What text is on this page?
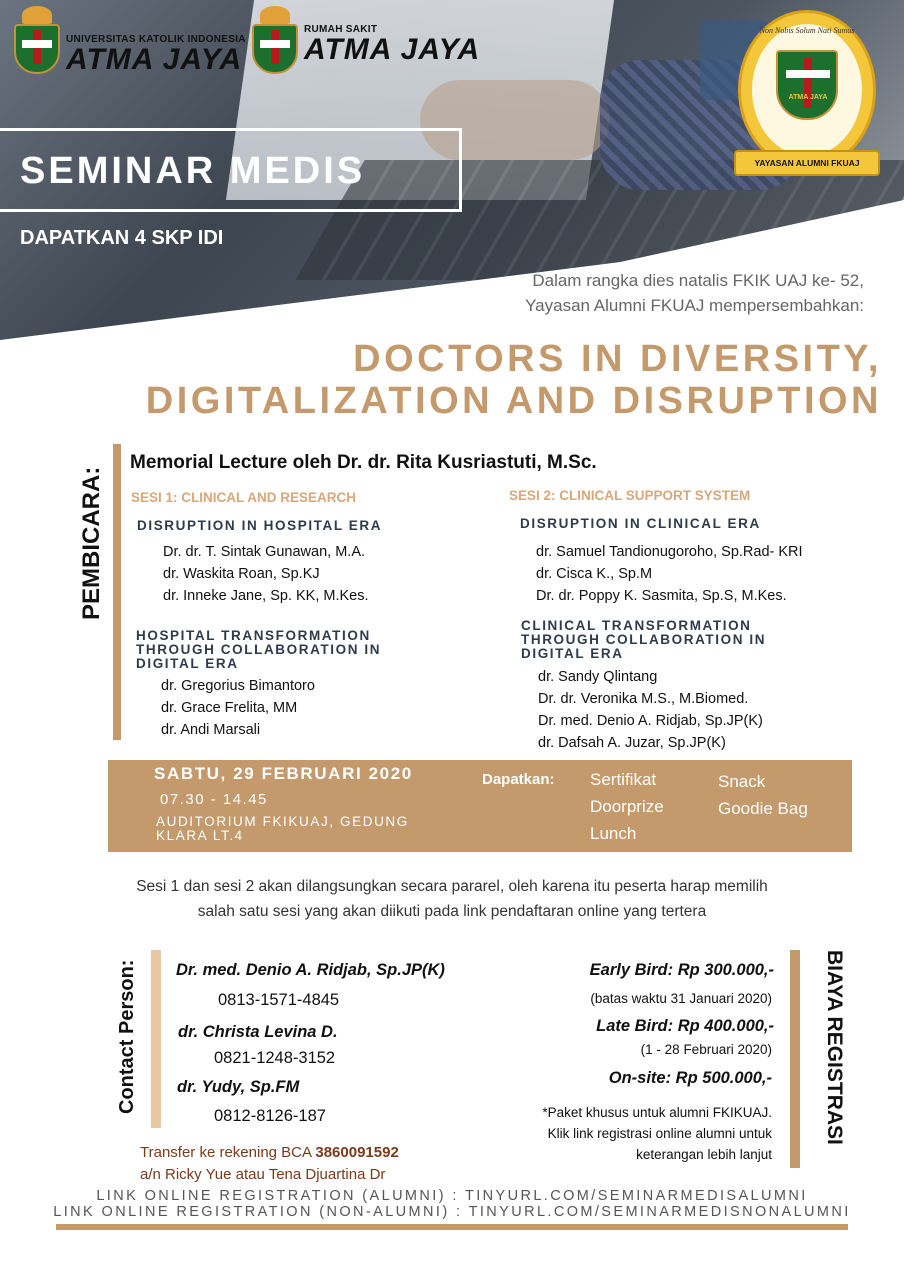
UNIVERSITAS KATOLIK INDONESIA
ATMA JAYA
RUMAH SAKIT
ATMA JAYA
Non Nobis Solum Nati Sumus
ATMA JAYA
YAYASAN ALUMNI FKUAJ
SEMINAR MEDIS
DAPATKAN 4 SKP IDI
Dalam rangka dies natalis FKIK UAJ ke- 52,
Yayasan Alumni FKUAJ mempersembahkan:
DOCTORS IN DIVERSITY,
DIGITALIZATION AND DISRUPTION
PEMBICARA:
Memorial Lecture oleh Dr. dr. Rita Kusriastuti, M.Sc.
SESI 1: CLINICAL AND RESEARCH
DISRUPTION IN HOSPITAL ERA
Dr. dr. T. Sintak Gunawan, M.A.
dr. Waskita Roan, Sp.KJ
dr. Inneke Jane, Sp. KK, M.Kes.
HOSPITAL TRANSFORMATION
THROUGH COLLABORATION IN
DIGITAL ERA
dr. Gregorius Bimantoro
dr. Grace Frelita, MM
dr. Andi Marsali
SESI 2: CLINICAL SUPPORT SYSTEM
DISRUPTION IN CLINICAL ERA
dr. Samuel Tandionugoroho, Sp.Rad- KRI
dr. Cisca K., Sp.M
Dr. dr. Poppy K. Sasmita, Sp.S, M.Kes.
CLINICAL TRANSFORMATION
THROUGH COLLABORATION IN
DIGITAL ERA
dr. Sandy Qlintang
Dr. dr. Veronika M.S., M.Biomed.
Dr. med. Denio A. Ridjab, Sp.JP(K)
dr. Dafsah A. Juzar, Sp.JP(K)
SABTU, 29 FEBRUARI 2020
07.30 - 14.45
AUDITORIUM FKIKUAJ, GEDUNG KLARA LT.4
Dapatkan: Sertifikat
Doorprize
Lunch
Snack
Goodie Bag
Sesi 1 dan sesi 2 akan dilangsungkan secara pararel, oleh karena itu peserta harap memilih
salah satu sesi yang akan diikuti pada link pendaftaran online yang tertera
Contact Person: Dr. med. Denio A. Ridjab, Sp.JP(K)
0813-1571-4845
dr. Christa Levina D.
0821-1248-3152
dr. Yudy, Sp.FM
0812-8126-187
Transfer ke rekening BCA 3860091592
a/n Ricky Yue atau Tena Djuartina Dr
Early Bird: Rp 300.000,-
(batas waktu 31 Januari 2020)
Late Bird: Rp 400.000,-
(1 - 28 Februari 2020)
On-site: Rp 500.000,-
*Paket khusus untuk alumni FKIKUAJ.
Klik link registrasi online alumni untuk
keterangan lebih lanjut
BIAYA REGISTRASI
LINK ONLINE REGISTRATION (ALUMNI) : TINYURL.COM/SEMINARMEDISALUMNI
LINK ONLINE REGISTRATION (NON-ALUMNI) : TINYURL.COM/SEMINARMEDISNONALUMNI
